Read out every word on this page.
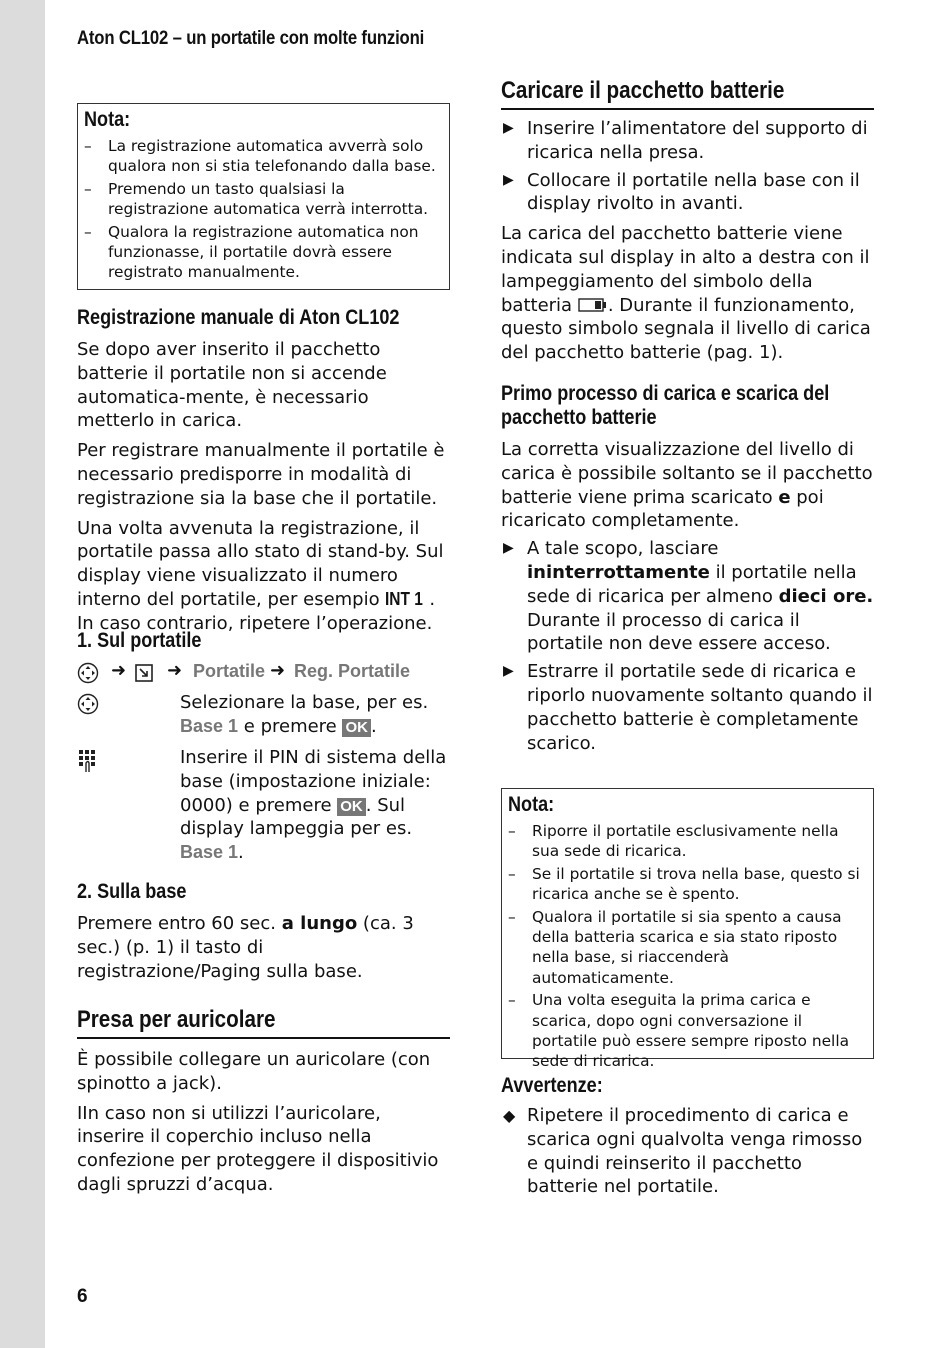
Aton CL102 – un portatile con molte funzioni
Nota:
– La registrazione automatica avverrà solo qualora non si stia telefonando dalla base.
– Premendo un tasto qualsiasi la registrazione automatica verrà interrotta.
– Qualora la registrazione automatica non funzionasse, il portatile dovrà essere registrato manualmente.
Registrazione manuale di Aton CL102

Se dopo aver inserito il pacchetto batterie il portatile non si accende automatica-mente, è necessario metterlo in carica.

Per registrare manualmente il portatile è necessario predisporre in modalità di registrazione sia la base che il portatile.

Una volta avvenuta la registrazione, il portatile passa allo stato di stand-by. Sul display viene visualizzato il numero interno del portatile, per esempio INT 1 . In caso contrario, ripetere l’operazione.

1. Sul portatile
➜ ➜ Portatile ➜ Reg. Portatile

Selezionare la base, per es. Base 1 e premere OK .

Inserire il PIN di sistema della base (impostazione iniziale: 0000) e premere OK . Sul display lampeggia per es. Base 1.

2. Sulla base

Premere entro 60 sec. a lungo (ca. 3 sec.) (p. 1) il tasto di registrazione/Paging sulla base.

Presa per auricolare

È possibile collegare un auricolare (con spinotto a jack).

IIn caso non si utilizzi l’auricolare, inserire il coperchio incluso nella confezione per proteggere il dispositivio dagli spruzzi d’acqua.

Caricare il pacchetto batterie
▶ Inserire l’alimentatore del supporto di ricarica nella presa.
▶ Collocare il portatile nella base con il display rivolto in avanti.

La carica del pacchetto batterie viene indicata sul display in alto a destra con il lampeggiamento del simbolo della batteria . Durante il funzionamento, questo simbolo segnala il livello di carica del pacchetto batterie (pag. 1).

Primo processo di carica e scarica del
pacchetto batterie

La corretta visualizzazione del livello di carica è possibile soltanto se il pacchetto batterie viene prima scaricato e poi ricaricato completamente.

▶ A tale scopo, lasciare ininterrottamente il portatile nella sede di ricarica per almeno dieci ore. Durante il processo di carica il portatile non deve essere acceso.
▶ Estrarre il portatile sede di ricarica e riporlo nuovamente soltanto quando il pacchetto batterie è completamente scarico.
Nota:
– Riporre il portatile esclusivamente nella sua sede di ricarica.
– Se il portatile si trova nella base, questo si ricarica anche se è spento.
– Qualora il portatile si sia spento a causa della batteria scarica e sia stato riposto nella base, si riaccenderà automaticamente.
– Una volta eseguita la prima carica e scarica, dopo ogni conversazione il portatile può essere sempre riposto nella sede di ricarica.
Avvertenze:
◆ Ripetere il procedimento di carica e scarica ogni qualvolta venga rimosso e quindi reinserito il pacchetto batterie nel portatile.
6
